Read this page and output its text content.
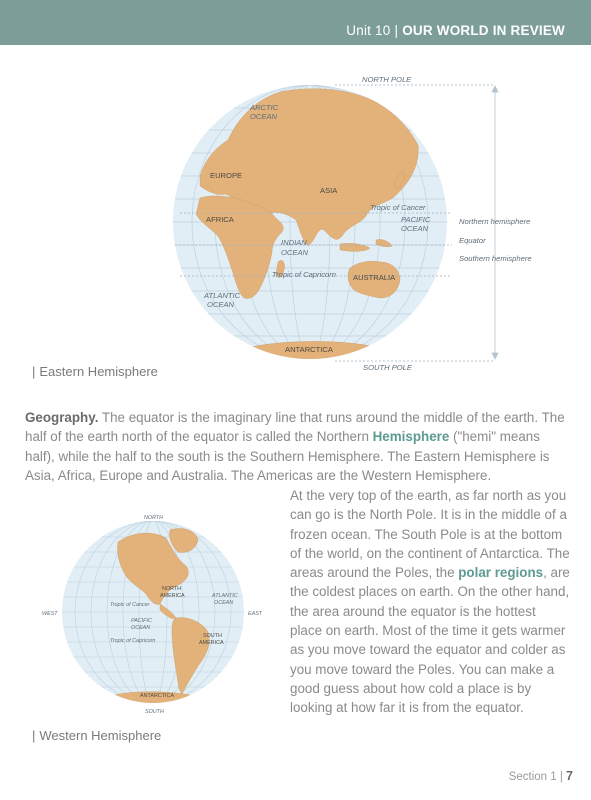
Unit 10 | OUR WORLD IN REVIEW
NORTH POLE
SOUTH POLE
ARCTIC
OCEAN
INDIAN
OCEAN
PACIFIC
OCEAN
ATLANTIC
OCEAN
Tropic of Cancer
Tropic of Capricorn
Northern hemisphere
Equator
Southern hemisphere
EUROPE
ASIA
AFRICA
AUSTRALIA
ANTARCTICA
| Eastern Hemisphere
Geography. The equator is the imaginary line that runs around the middle of the earth. The half of the earth north of the equator is called the Northern Hemisphere ("hemi" means half), while the half to the south is the Southern Hemisphere. The Eastern Hemisphere is Asia, Africa, Europe and Australia. The Americas are the Western Hemisphere.
NORTH
SOUTH
WEST	EAST
ATLANTIC
OCEAN
Tropic of Cancer
PACIFIC
OCEAN
Tropic of Capricorn
NORTH
AMERICA
SOUTH
AMERICA
ANTARCTICA
| Western Hemisphere
At the very top of the earth, as far north as you can go is the North Pole. It is in the middle of a frozen ocean. The South Pole is at the bottom of the world, on the continent of Antarctica. The areas around the Poles, the polar regions, are the coldest places on earth. On the other hand, the area around the equator is the hottest place on earth. Most of the time it gets warmer as you move toward the equator and colder as you move toward the Poles. You can make a good guess about how cold a place is by looking at how far it is from the equator.
Section 1 | 7
